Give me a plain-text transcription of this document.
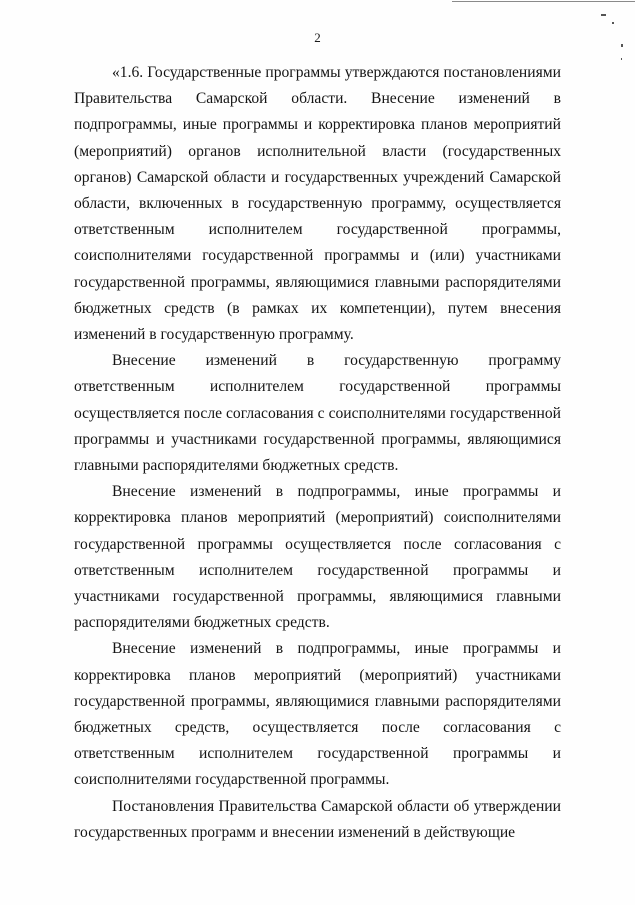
2

«1.6. Государственные программы утверждаются постановлениями Правительства Самарской области. Внесение изменений в подпрограммы, иные программы и корректировка планов мероприятий (мероприятий) органов исполнительной власти (государственных органов) Самарской области и государственных учреждений Самарской области, включенных в государственную программу, осуществляется ответственным исполнителем государственной программы, соисполнителями государственной программы и (или) участниками государственной программы, являющимися главными распорядителями бюджетных средств (в рамках их компетенции), путем внесения изменений в государственную программу.

Внесение изменений в государственную программу ответственным исполнителем государственной программы осуществляется после согласования с соисполнителями государственной программы и участниками государственной программы, являющимися главными распорядителями бюджетных средств.

Внесение изменений в подпрограммы, иные программы и корректировка планов мероприятий (мероприятий) соисполнителями государственной программы осуществляется после согласования с ответственным исполнителем государственной программы и участниками государственной программы, являющимися главными распорядителями бюджетных средств.

Внесение изменений в подпрограммы, иные программы и корректировка планов мероприятий (мероприятий) участниками государственной программы, являющимися главными распорядителями бюджетных средств, осуществляется после согласования с ответственным исполнителем государственной программы и соисполнителями государственной программы.

Постановления Правительства Самарской области об утверждении государственных программ и внесении изменений в действующие
